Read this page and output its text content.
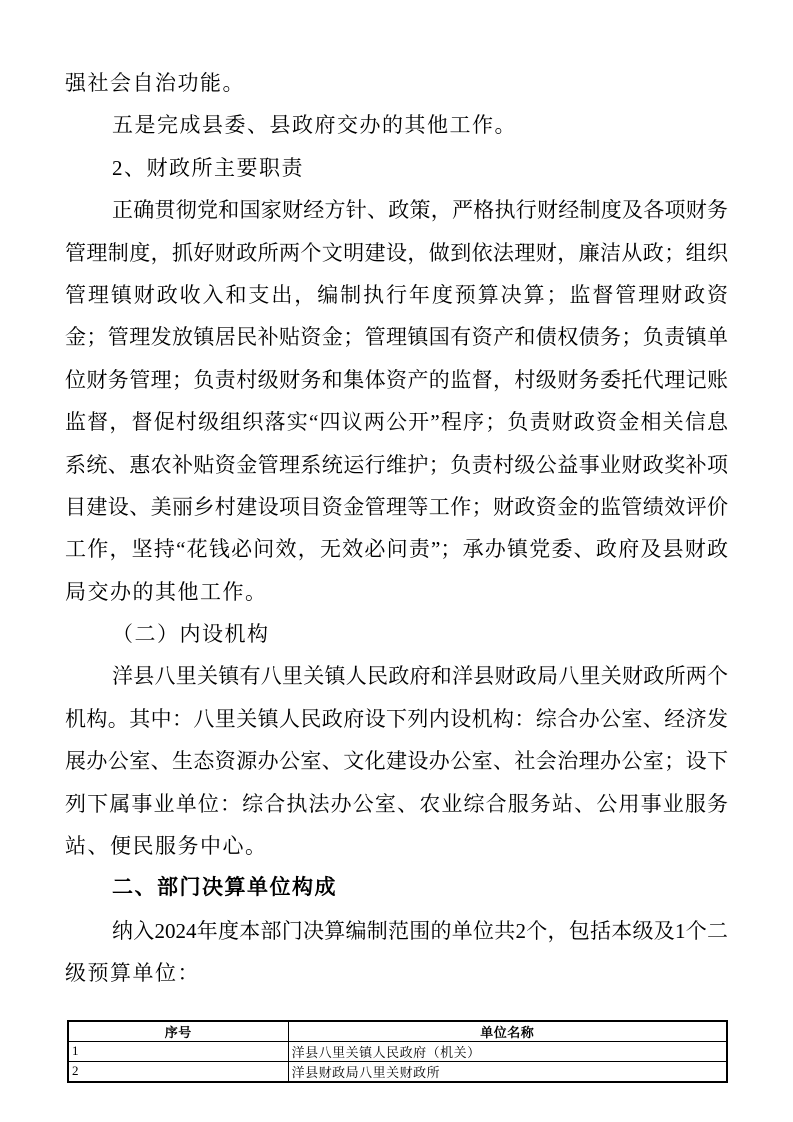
强社会自治功能。

五是完成县委、县政府交办的其他工作。

2、财政所主要职责

正确贯彻党和国家财经方针、政策，严格执行财经制度及各项财务

管理制度，抓好财政所两个文明建设，做到依法理财，廉洁从政；组织

管理镇财政收入和支出，编制执行年度预算决算；监督管理财政资

金；管理发放镇居民补贴资金；管理镇国有资产和债权债务；负责镇单

位财务管理；负责村级财务和集体资产的监督，村级财务委托代理记账

监督，督促村级组织落实“四议两公开”程序；负责财政资金相关信息

系统、惠农补贴资金管理系统运行维护；负责村级公益事业财政奖补项

目建设、美丽乡村建设项目资金管理等工作；财政资金的监管绩效评价

工作，坚持“花钱必问效，无效必问责”；承办镇党委、政府及县财政

局交办的其他工作。

（二）内设机构

洋县八里关镇有八里关镇人民政府和洋县财政局八里关财政所两个

机构。其中：八里关镇人民政府设下列内设机构：综合办公室、经济发

展办公室、生态资源办公室、文化建设办公室、社会治理办公室；设下

列下属事业单位：综合执法办公室、农业综合服务站、公用事业服务

站、便民服务中心。

二、部门决算单位构成

纳入2024年度本部门决算编制范围的单位共2个，包括本级及1个二

级预算单位：

序号	单位名称
1	洋县八里关镇人民政府（机关）
2	洋县财政局八里关财政所
